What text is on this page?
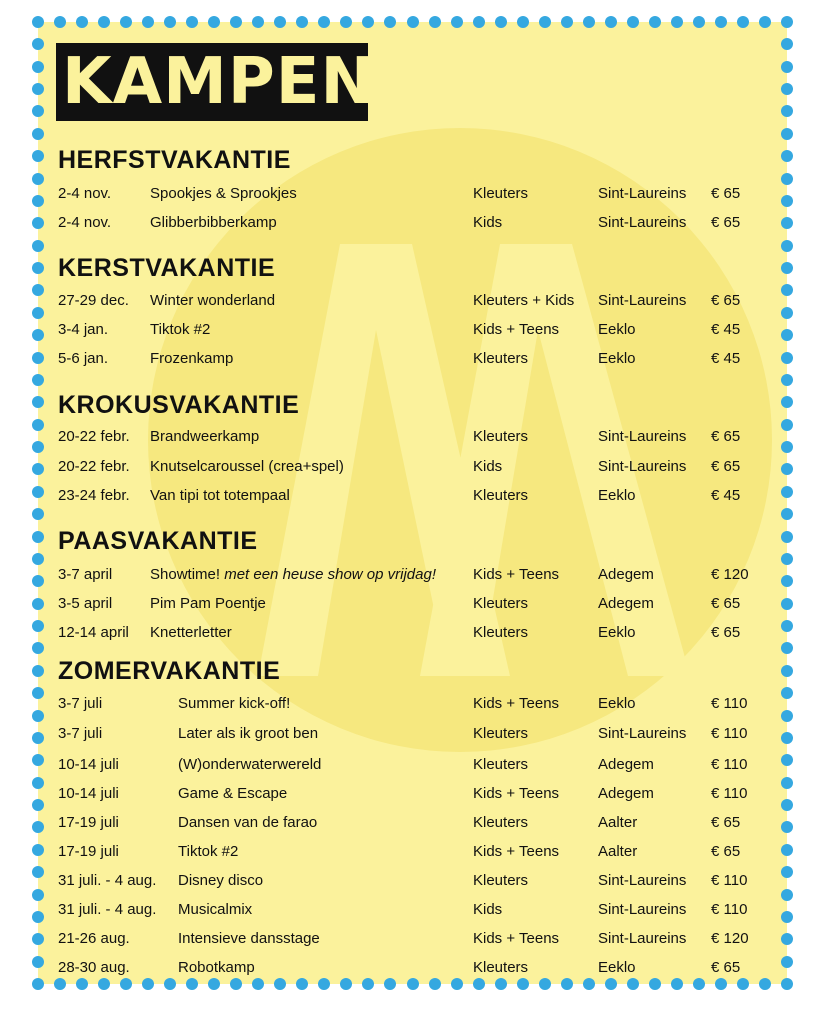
KAMPEN!
HERFSTVAKANTIE
2-4 nov.	Spookjes & Sprookjes	Kleuters	Sint-Laureins € 65
2-4 nov.	Glibberbibberkamp	Kids	Sint-Laureins € 65
KERSTVAKANTIE
27-29 dec. Winter wonderland	Kleuters + Kids Sint-Laureins € 65
3-4 jan.	Tiktok #2	Kids + Teens	Eeklo	€ 45
5-6 jan.	Frozenkamp	Kleuters	Eeklo	€ 45
KROKUSVAKANTIE
20-22 febr. Brandweerkamp	Kleuters	Sint-Laureins € 65
20-22 febr. Knutselcaroussel (crea+spel)	Kids	Sint-Laureins € 65
23-24 febr. Van tipi tot totempaal	Kleuters	Eeklo	€ 45
PAASVAKANTIE
3-7 april	Showtime! met een heuse show op vrijdag! Kids + Teens	Adegem	€ 120
3-5 april	Pim Pam Poentje	Kleuters	Adegem	€ 65
12-14 april Knetterletter	Kleuters	Eeklo	€ 65
ZOMERVAKANTIE
3-7 juli	Summer kick-off!	Kids + Teens	Eeklo	€ 110
3-7 juli	Later als ik groot ben	Kleuters	Sint-Laureins € 110
10-14 juli	(W)onderwaterwereld	Kleuters	Adegem	€ 110
10-14 juli	Game & Escape	Kids + Teens	Adegem	€ 110
17-19 juli	Dansen van de farao	Kleuters	Aalter	€ 65
17-19 juli	Tiktok #2	Kids + Teens	Aalter	€ 65
31 juli. - 4 aug. Disney disco	Kleuters	Sint-Laureins € 110
31 juli. - 4 aug. Musicalmix	Kids	Sint-Laureins € 110
21-26 aug.	Intensieve dansstage	Kids + Teens	Sint-Laureins € 120
28-30 aug.	Robotkamp	Kleuters	Eeklo	€ 65
